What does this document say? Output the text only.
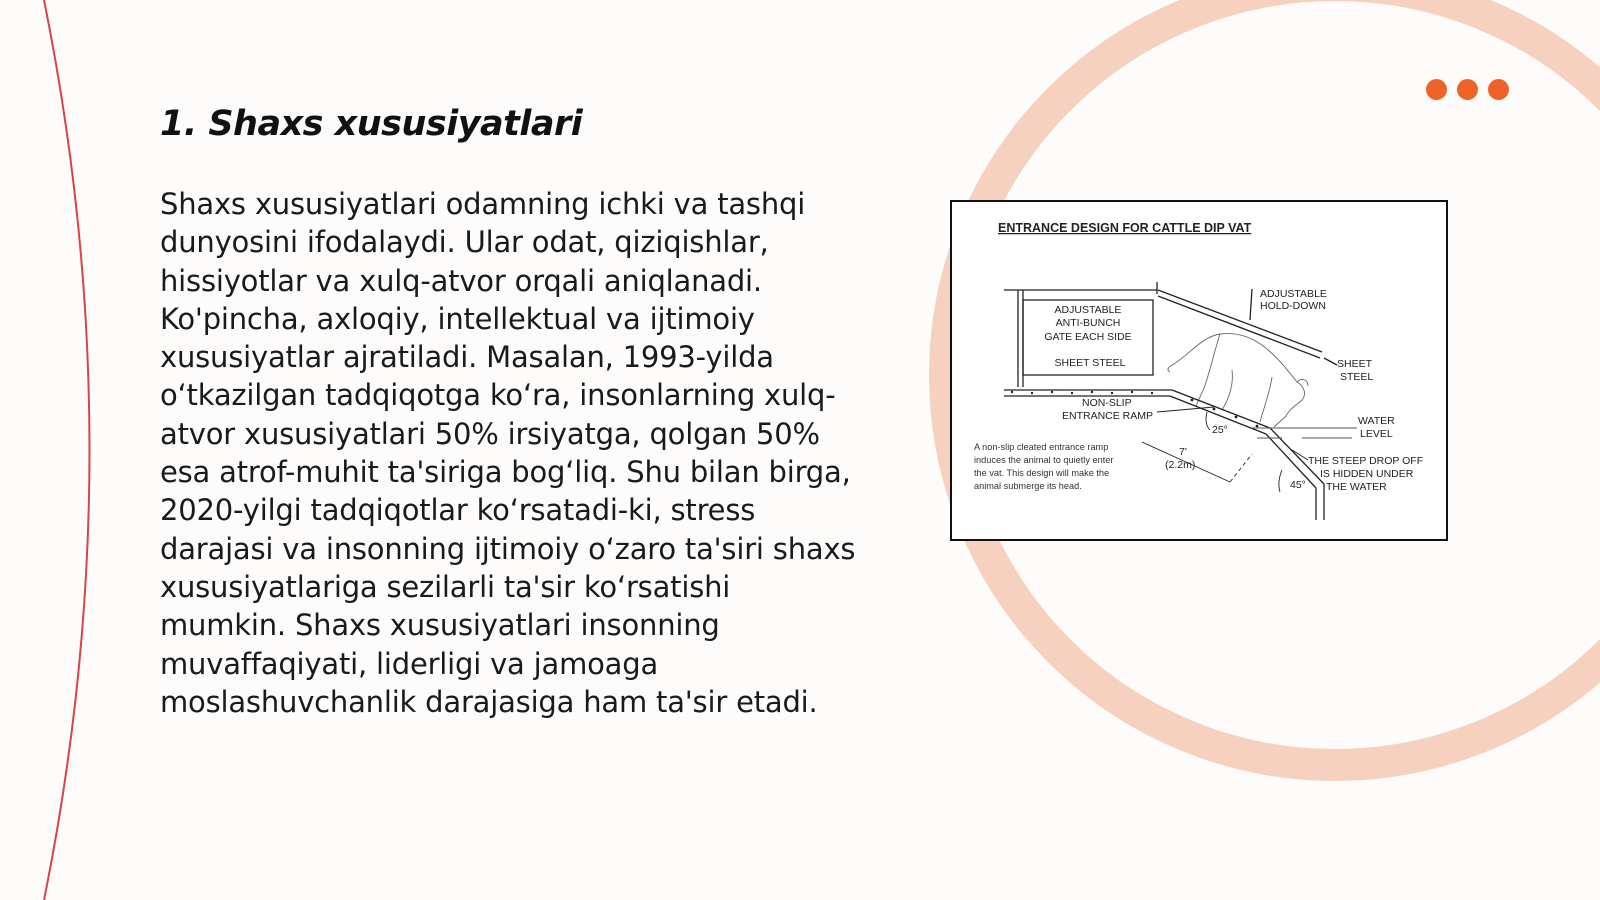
1. Shaxs xususiyatlari

Shaxs xususiyatlari odamning ichki va tashqi dunyosini ifodalaydi. Ular odat, qiziqishlar, hissiyotlar va xulq-atvor orqali aniqlanadi. Ko'pincha, axloqiy, intellektual va ijtimoiy xususiyatlar ajratiladi. Masalan, 1993-yilda o‘tkazilgan tadqiqotga ko‘ra, insonlarning xulq-atvor xususiyatlari 50% irsiyatga, qolgan 50% esa atrof-muhit ta'siriga bog‘liq. Shu bilan birga, 2020-yilgi tadqiqotlar ko‘rsatadi-ki, stress darajasi va insonning ijtimoiy o‘zaro ta'siri shaxs xususiyatlariga sezilarli ta'sir ko‘rsatishi mumkin. Shaxs xususiyatlari insonning muvaffaqiyati, liderligi va jamoaga moslashuvchanlik darajasiga ham ta'sir etadi.

ENTRANCE DESIGN FOR CATTLE DIP VAT
ADJUSTABLE
ANTI-BUNCH
GATE EACH SIDE
SHEET STEEL
ADJUSTABLE
HOLD-DOWN
SHEET
STEEL
WATER
LEVEL
NON-SLIP
ENTRANCE RAMP
25°
45°
7'
(2.2m)	THE STEEP DROP OFF
IS HIDDEN UNDER
THE WATER
A non-slip cleated entrance ramp
induces the animal to quietly enter
the vat. This design will make the
animal submerge its head.
